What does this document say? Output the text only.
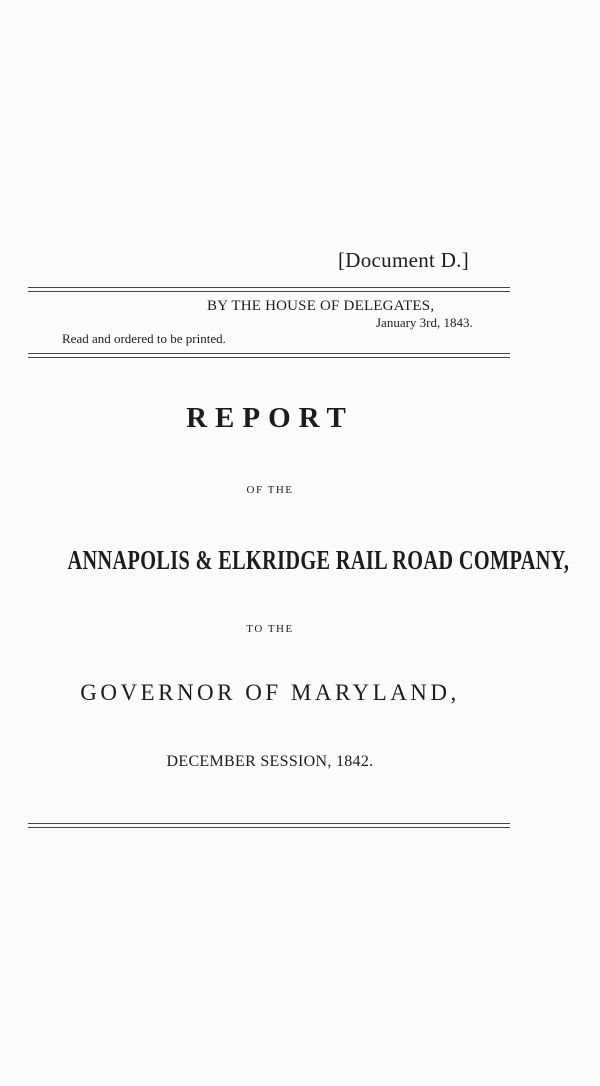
[Document D.]

BY THE HOUSE OF DELEGATES,

January 3rd, 1843.

Read and ordered to be printed.

REPORT

OF THE

ANNAPOLIS & ELKRIDGE RAIL ROAD COMPANY,

TO THE

GOVERNOR OF MARYLAND,

DECEMBER SESSION, 1842.
